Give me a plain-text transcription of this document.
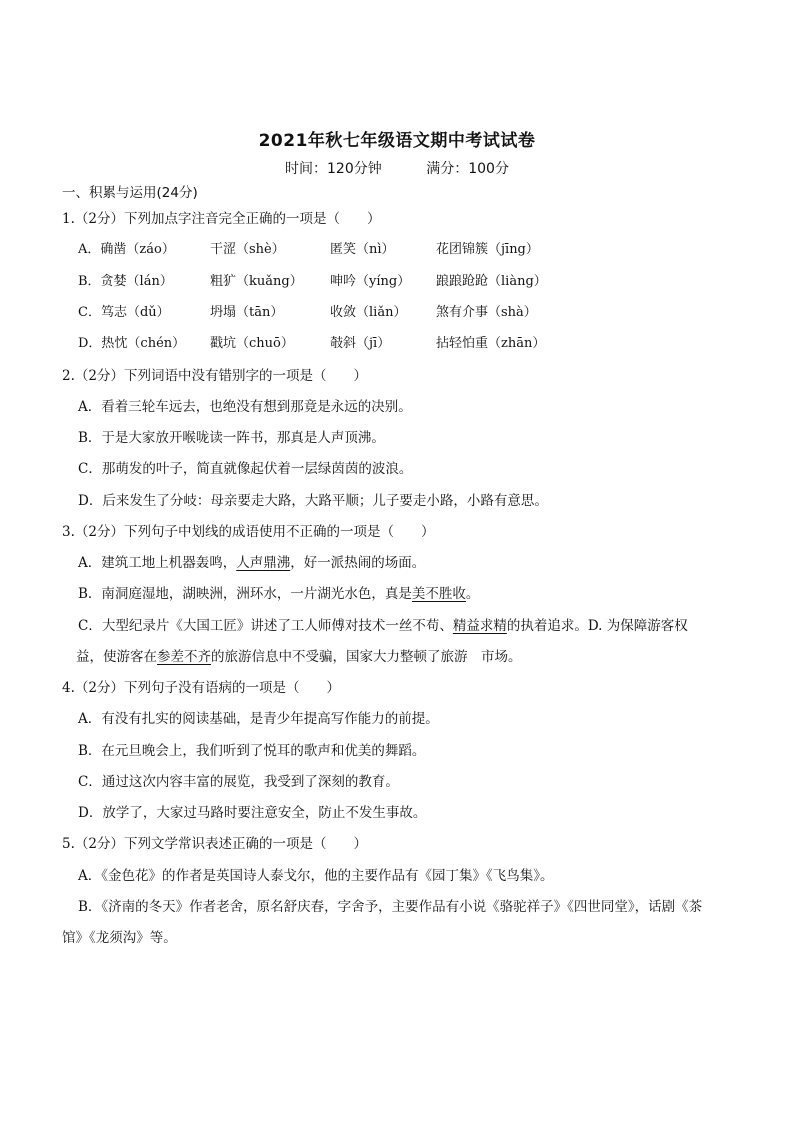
2021年秋七年级语文期中考试试卷
时间：120分钟          满分：100分
一、积累与运用(24分)
1.（2分）下列加点字注音完全正确的一项是（　　）
A．确凿（záo）	干涩（shè）	匿笑（nì）	花团锦簇（jīng）
B．贪婪（lán）	粗犷（kuǎng） 呻吟（yíng） 踉踉跄跄（liàng）
C．笃志（dǔ）	坍塌（tān）	收敛（liǎn） 煞有介事（shà）
D．热忱（chén） 戳坑（chuō）	攲斜（jī）	拈轻怕重（zhān）
2.（2分）下列词语中没有错别字的一项是（　　）
A．看着三轮车远去，也绝没有想到那竟是永远的决别。
B．于是大家放开喉咙读一阵书，那真是人声顶沸。
C．那萌发的叶子，简直就像起伏着一层绿茵茵的波浪。
D．后来发生了分岐：母亲要走大路，大路平顺；儿子要走小路，小路有意思。
3.（2分）下列句子中划线的成语使用不正确的一项是（　　）
A．建筑工地上机器轰鸣，人声鼎沸，好一派热闹的场面。
B．南洞庭湿地，湖映洲，洲环水，一片湖光水色，真是美不胜收。
C．大型纪录片《大国工匠》讲述了工人师傅对技术一丝不苟、精益求精的执着追求。D. 为保障游客权
益，使游客在参差不齐的旅游信息中不受骗，国家大力整顿了旅游　市场。
4.（2分）下列句子没有语病的一项是（　　）
A．有没有扎实的阅读基础，是青少年提高写作能力的前提。
B．在元旦晚会上，我们听到了悦耳的歌声和优美的舞蹈。
C．通过这次内容丰富的展览，我受到了深刻的教育。
D．放学了，大家过马路时要注意安全，防止不发生事故。
5.（2分）下列文学常识表述正确的一项是（　　）
A．《金色花》的作者是英国诗人泰戈尔，他的主要作品有《园丁集》《飞鸟集》。
B．《济南的冬天》作者老舍，原名舒庆春，字舍予，主要作品有小说《骆驼祥子》《四世同堂》，话剧《茶
馆》《龙须沟》等。
